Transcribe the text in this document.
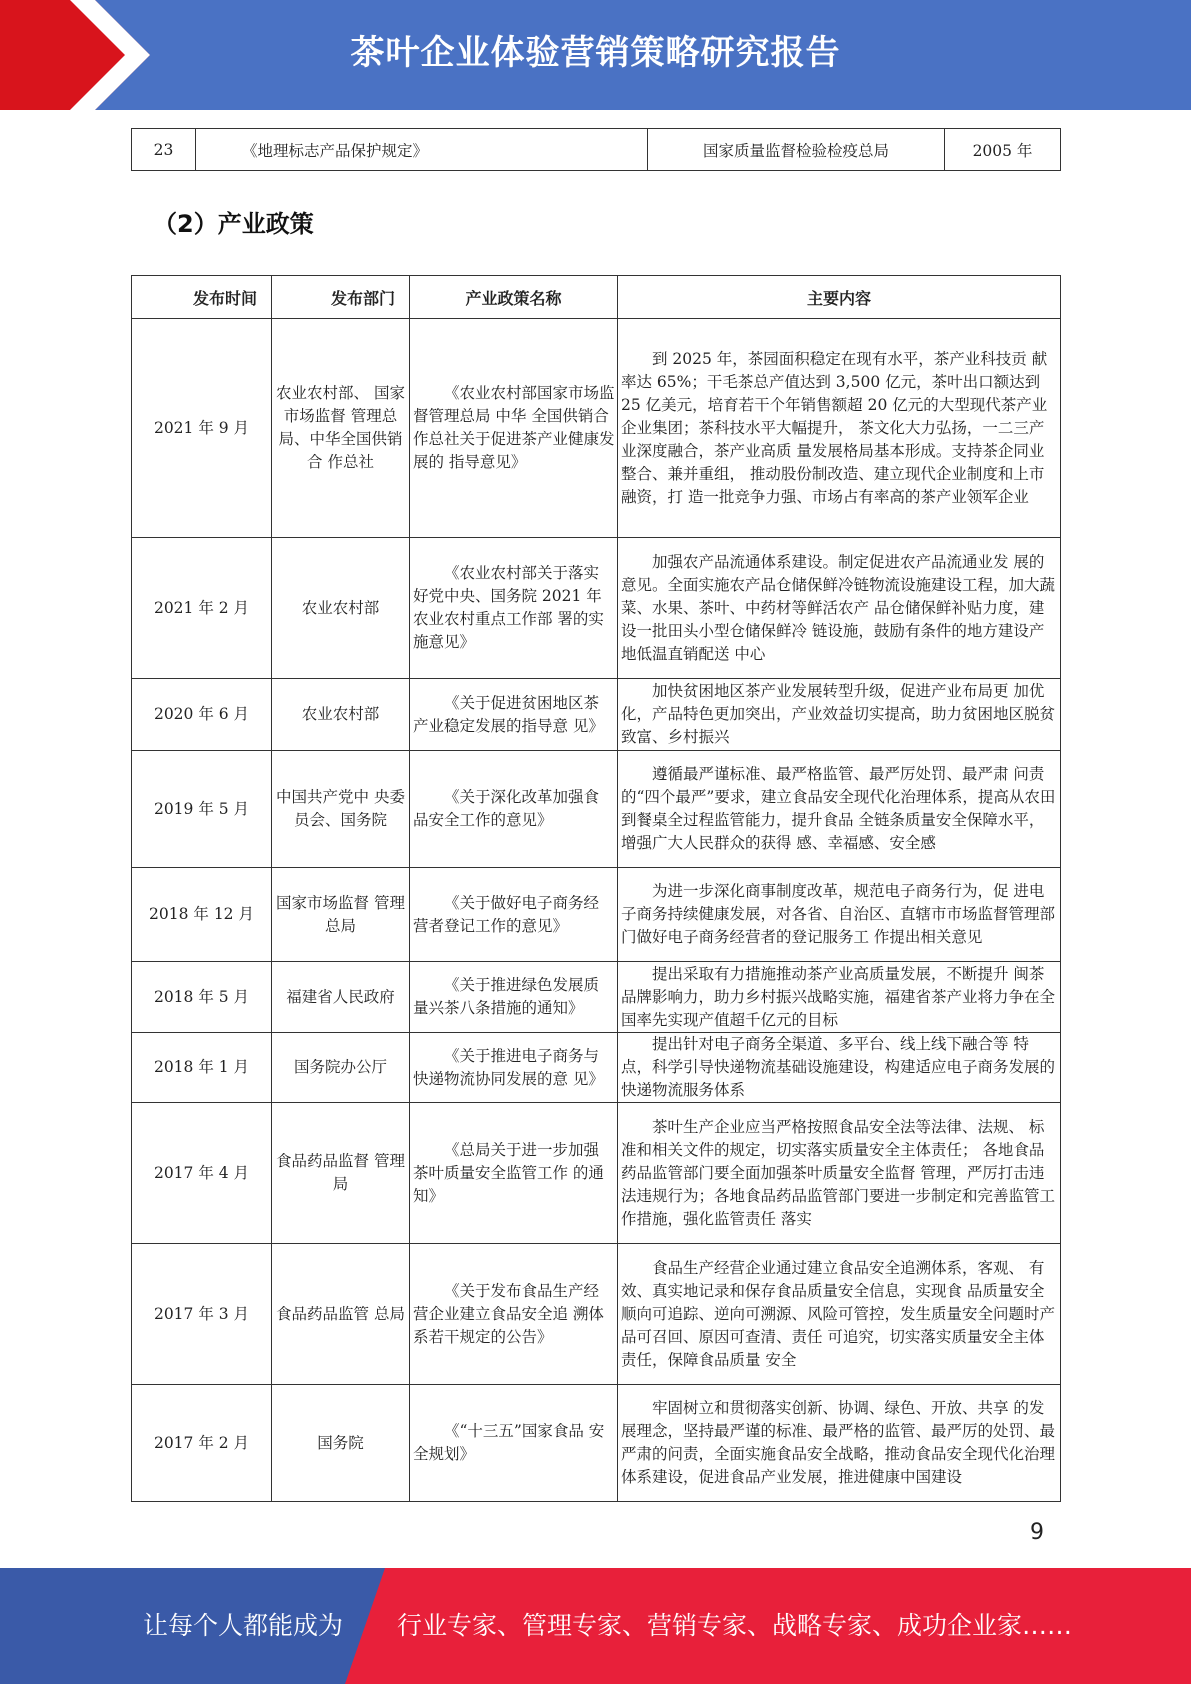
茶叶企业体验营销策略研究报告
23	《地理标志产品保护规定》	国家质量监督检验检疫总局	2005 年
（2）产业政策
发布时间	发布部门	产业政策名称	主要内容
2021 年 9 月	农业农村部、 国家市场监督 管理总局、中华全国供销合 作总社	《农业农村部国家市场监督管理总局 中华 全国供销合作总社关于促进茶产业健康发展的 指导意见》	到 2025 年，茶园面积稳定在现有水平，茶产业科技贡 献率达 65%；干毛茶总产值达到 3,500 亿元，茶叶出口额达到 25 亿美元，培育若干个年销售额超 20 亿元的大型现代茶产业企业集团；茶科技水平大幅提升， 茶文化大力弘扬，一二三产业深度融合，茶产业高质 量发展格局基本形成。支持茶企同业整合、兼并重组， 推动股份制改造、建立现代企业制度和上市融资，打 造一批竞争力强、市场占有率高的茶产业领军企业
2021 年 2 月	农业农村部	《农业农村部关于落实 好党中央、国务院 2021 年农业农村重点工作部 署的实施意见》	加强农产品流通体系建设。制定促进农产品流通业发 展的意见。全面实施农产品仓储保鲜冷链物流设施建设工程，加大蔬菜、水果、茶叶、中药材等鲜活农产 品仓储保鲜补贴力度，建设一批田头小型仓储保鲜冷 链设施，鼓励有条件的地方建设产地低温直销配送 中心
2020 年 6 月	农业农村部	《关于促进贫困地区茶 产业稳定发展的指导意 见》	加快贫困地区茶产业发展转型升级，促进产业布局更 加优化，产品特色更加突出，产业效益切实提高，助力贫困地区脱贫致富、乡村振兴
2019 年 5 月	中国共产党中 央委员会、国务院	《关于深化改革加强食 品安全工作的意见》	遵循最严谨标准、最严格监管、最严厉处罚、最严肃 问责的“四个最严”要求，建立食品安全现代化治理体系，提高从农田到餐桌全过程监管能力，提升食品 全链条质量安全保障水平，增强广大人民群众的获得 感、幸福感、安全感
2018 年 12 月	国家市场监督 管理总局	《关于做好电子商务经 营者登记工作的意见》	为进一步深化商事制度改革，规范电子商务行为，促 进电子商务持续健康发展，对各省、自治区、直辖市市场监督管理部门做好电子商务经营者的登记服务工 作提出相关意见
2018 年 5 月	福建省人民政府	《关于推进绿色发展质 量兴茶八条措施的通知》	提出采取有力措施推动茶产业高质量发展，不断提升 闽茶品牌影响力，助力乡村振兴战略实施，福建省茶产业将力争在全国率先实现产值超千亿元的目标
2018 年 1 月	国务院办公厅	《关于推进电子商务与 快递物流协同发展的意 见》	提出针对电子商务全渠道、多平台、线上线下融合等 特点，科学引导快递物流基础设施建设，构建适应电子商务发展的快递物流服务体系
2017 年 4 月	食品药品监督 管理局	《总局关于进一步加强 茶叶质量安全监管工作 的通知》	茶叶生产企业应当严格按照食品安全法等法律、法规、 标准和相关文件的规定，切实落实质量安全主体责任； 各地食品药品监管部门要全面加强茶叶质量安全监督 管理，严厉打击违法违规行为；各地食品药品监管部门要进一步制定和完善监管工作措施，强化监管责任 落实
2017 年 3 月	食品药品监管 总局	《关于发布食品生产经 营企业建立食品安全追 溯体系若干规定的公告》	食品生产经营企业通过建立食品安全追溯体系，客观、 有效、真实地记录和保存食品质量安全信息，实现食 品质量安全顺向可追踪、逆向可溯源、风险可管控，发生质量安全问题时产品可召回、原因可查清、责任 可追究，切实落实质量安全主体责任，保障食品质量 安全
2017 年 2 月	国务院	《“十三五”国家食品 安全规划》	牢固树立和贯彻落实创新、协调、绿色、开放、共享 的发展理念，坚持最严谨的标准、最严格的监管、最严厉的处罚、最严肃的问责，全面实施食品安全战略，推动食品安全现代化治理体系建设，促进食品产业发展，推进健康中国建设
9
让每个人都能成为 行业专家、管理专家、营销专家、战略专家、成功企业家……
